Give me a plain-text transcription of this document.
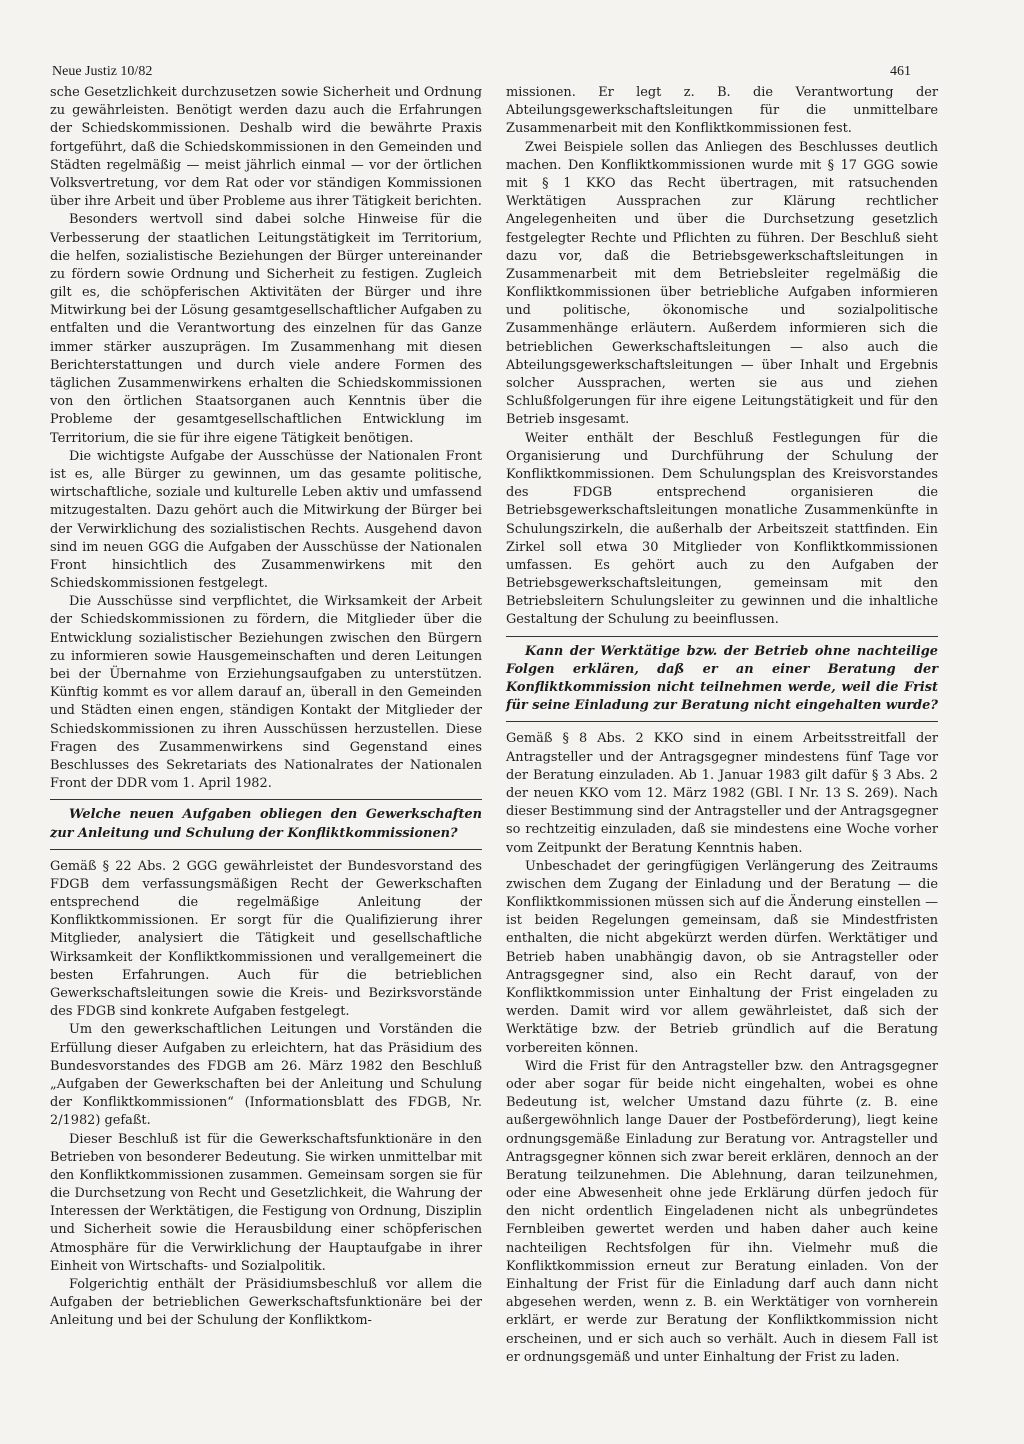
Neue Justiz 10/82	461

sche Gesetzlichkeit durchzusetzen sowie Sicherheit und Ordnung zu gewährleisten. Benötigt werden dazu auch die Erfahrungen der Schiedskommissionen. Deshalb wird die bewährte Praxis fortgeführt, daß die Schiedskommissionen in den Gemeinden und Städten regelmäßig — meist jährlich einmal — vor der örtlichen Volksvertretung, vor dem Rat oder vor ständigen Kommissionen über ihre Arbeit und über Probleme aus ihrer Tätigkeit berichten.

Besonders wertvoll sind dabei solche Hinweise für die Verbesserung der staatlichen Leitungstätigkeit im Territorium, die helfen, sozialistische Beziehungen der Bürger untereinander zu fördern sowie Ordnung und Sicherheit zu festigen. Zugleich gilt es, die schöpferischen Aktivitäten der Bürger und ihre Mitwirkung bei der Lösung gesamtgesellschaftlicher Aufgaben zu entfalten und die Verantwortung des einzelnen für das Ganze immer stärker auszuprägen. Im Zusammenhang mit diesen Berichterstattungen und durch viele andere Formen des täglichen Zusammenwirkens erhalten die Schiedskommissionen von den örtlichen Staatsorganen auch Kenntnis über die Probleme der gesamtgesellschaftlichen Entwicklung im Territorium, die sie für ihre eigene Tätigkeit benötigen.

Die wichtigste Aufgabe der Ausschüsse der Nationalen Front ist es, alle Bürger zu gewinnen, um das gesamte politische, wirtschaftliche, soziale und kulturelle Leben aktiv und umfassend mitzugestalten. Dazu gehört auch die Mitwirkung der Bürger bei der Verwirklichung des sozialistischen Rechts. Ausgehend davon sind im neuen GGG die Aufgaben der Ausschüsse der Nationalen Front hinsichtlich des Zusammenwirkens mit den Schiedskommissionen festgelegt.

Die Ausschüsse sind verpflichtet, die Wirksamkeit der Arbeit der Schiedskommissionen zu fördern, die Mitglieder über die Entwicklung sozialistischer Beziehungen zwischen den Bürgern zu informieren sowie Hausgemeinschaften und deren Leitungen bei der Übernahme von Erziehungsaufgaben zu unterstützen. Künftig kommt es vor allem darauf an, überall in den Gemeinden und Städten einen engen, ständigen Kontakt der Mitglieder der Schiedskommissionen zu ihren Ausschüssen herzustellen. Diese Fragen des Zusammenwirkens sind Gegenstand eines Beschlusses des Sekretariats des Nationalrates der Nationalen Front der DDR vom 1. April 1982.

Welche neuen Aufgaben obliegen den Gewerkschaften zur Anleitung und Schulung der Konfliktkommissionen?

Gemäß § 22 Abs. 2 GGG gewährleistet der Bundesvorstand des FDGB dem verfassungsmäßigen Recht der Gewerkschaften entsprechend die regelmäßige Anleitung der Konfliktkommissionen. Er sorgt für die Qualifizierung ihrer Mitglieder, analysiert die Tätigkeit und gesellschaftliche Wirksamkeit der Konfliktkommissionen und verallgemeinert die besten Erfahrungen. Auch für die betrieblichen Gewerkschaftsleitungen sowie die Kreis- und Bezirksvorstände des FDGB sind konkrete Aufgaben festgelegt.

Um den gewerkschaftlichen Leitungen und Vorständen die Erfüllung dieser Aufgaben zu erleichtern, hat das Präsidium des Bundesvorstandes des FDGB am 26. März 1982 den Beschluß „Aufgaben der Gewerkschaften bei der Anleitung und Schulung der Konfliktkommissionen“ (Informationsblatt des FDGB, Nr. 2/1982) gefaßt.

Dieser Beschluß ist für die Gewerkschaftsfunktionäre in den Betrieben von besonderer Bedeutung. Sie wirken unmittelbar mit den Konfliktkommissionen zusammen. Gemeinsam sorgen sie für die Durchsetzung von Recht und Gesetzlichkeit, die Wahrung der Interessen der Werktätigen, die Festigung von Ordnung, Disziplin und Sicherheit sowie die Herausbildung einer schöpferischen Atmosphäre für die Verwirklichung der Hauptaufgabe in ihrer Einheit von Wirtschafts- und Sozialpolitik.

Folgerichtig enthält der Präsidiumsbeschluß vor allem die Aufgaben der betrieblichen Gewerkschaftsfunktionäre bei der Anleitung und bei der Schulung der Konfliktkom-

missionen. Er legt z. B. die Verantwortung der Abteilungsgewerkschaftsleitungen für die unmittelbare Zusammenarbeit mit den Konfliktkommissionen fest.

Zwei Beispiele sollen das Anliegen des Beschlusses deutlich machen. Den Konfliktkommissionen wurde mit § 17 GGG sowie mit § 1 KKO das Recht übertragen, mit ratsuchenden Werktätigen Aussprachen zur Klärung rechtlicher Angelegenheiten und über die Durchsetzung gesetzlich festgelegter Rechte und Pflichten zu führen. Der Beschluß sieht dazu vor, daß die Betriebsgewerkschaftsleitungen in Zusammenarbeit mit dem Betriebsleiter regelmäßig die Konfliktkommissionen über betriebliche Aufgaben informieren und politische, ökonomische und sozialpolitische Zusammenhänge erläutern. Außerdem informieren sich die betrieblichen Gewerkschaftsleitungen — also auch die Abteilungsgewerkschaftsleitungen — über Inhalt und Ergebnis solcher Aussprachen, werten sie aus und ziehen Schlußfolgerungen für ihre eigene Leitungstätigkeit und für den Betrieb insgesamt.

Weiter enthält der Beschluß Festlegungen für die Organisierung und Durchführung der Schulung der Konfliktkommissionen. Dem Schulungsplan des Kreisvorstandes des FDGB entsprechend organisieren die Betriebsgewerkschaftsleitungen monatliche Zusammenkünfte in Schulungszirkeln, die außerhalb der Arbeitszeit stattfinden. Ein Zirkel soll etwa 30 Mitglieder von Konfliktkommissionen umfassen. Es gehört auch zu den Aufgaben der Betriebsgewerkschaftsleitungen, gemeinsam mit den Betriebsleitern Schulungsleiter zu gewinnen und die inhaltliche Gestaltung der Schulung zu beeinflussen.

Kann der Werktätige bzw. der Betrieb ohne nachteilige Folgen erklären, daß er an einer Beratung der Konfliktkommission nicht teilnehmen werde, weil die Frist für seine Einladung zur Beratung nicht eingehalten wurde?

Gemäß § 8 Abs. 2 KKO sind in einem Arbeitsstreitfall der Antragsteller und der Antragsgegner mindestens fünf Tage vor der Beratung einzuladen. Ab 1. Januar 1983 gilt dafür § 3 Abs. 2 der neuen KKO vom 12. März 1982 (GBl. I Nr. 13 S. 269). Nach dieser Bestimmung sind der Antragsteller und der Antragsgegner so rechtzeitig einzuladen, daß sie mindestens eine Woche vorher vom Zeitpunkt der Beratung Kenntnis haben.

Unbeschadet der geringfügigen Verlängerung des Zeitraums zwischen dem Zugang der Einladung und der Beratung — die Konfliktkommissionen müssen sich auf die Änderung einstellen — ist beiden Regelungen gemeinsam, daß sie Mindestfristen enthalten, die nicht abgekürzt werden dürfen. Werktätiger und Betrieb haben unabhängig davon, ob sie Antragsteller oder Antragsgegner sind, also ein Recht darauf, von der Konfliktkommission unter Einhaltung der Frist eingeladen zu werden. Damit wird vor allem gewährleistet, daß sich der Werktätige bzw. der Betrieb gründlich auf die Beratung vorbereiten können.

Wird die Frist für den Antragsteller bzw. den Antragsgegner oder aber sogar für beide nicht eingehalten, wobei es ohne Bedeutung ist, welcher Umstand dazu führte (z. B. eine außergewöhnlich lange Dauer der Postbeförderung), liegt keine ordnungsgemäße Einladung zur Beratung vor. Antragsteller und Antragsgegner können sich zwar bereit erklären, dennoch an der Beratung teilzunehmen. Die Ablehnung, daran teilzunehmen, oder eine Abwesenheit ohne jede Erklärung dürfen jedoch für den nicht ordentlich Eingeladenen nicht als unbegründetes Fernbleiben gewertet werden und haben daher auch keine nachteiligen Rechtsfolgen für ihn. Vielmehr muß die Konfliktkommission erneut zur Beratung einladen. Von der Einhaltung der Frist für die Einladung darf auch dann nicht abgesehen werden, wenn z. B. ein Werktätiger von vornherein erklärt, er werde zur Beratung der Konfliktkommission nicht erscheinen, und er sich auch so verhält. Auch in diesem Fall ist er ordnungsgemäß und unter Einhaltung der Frist zu laden.
